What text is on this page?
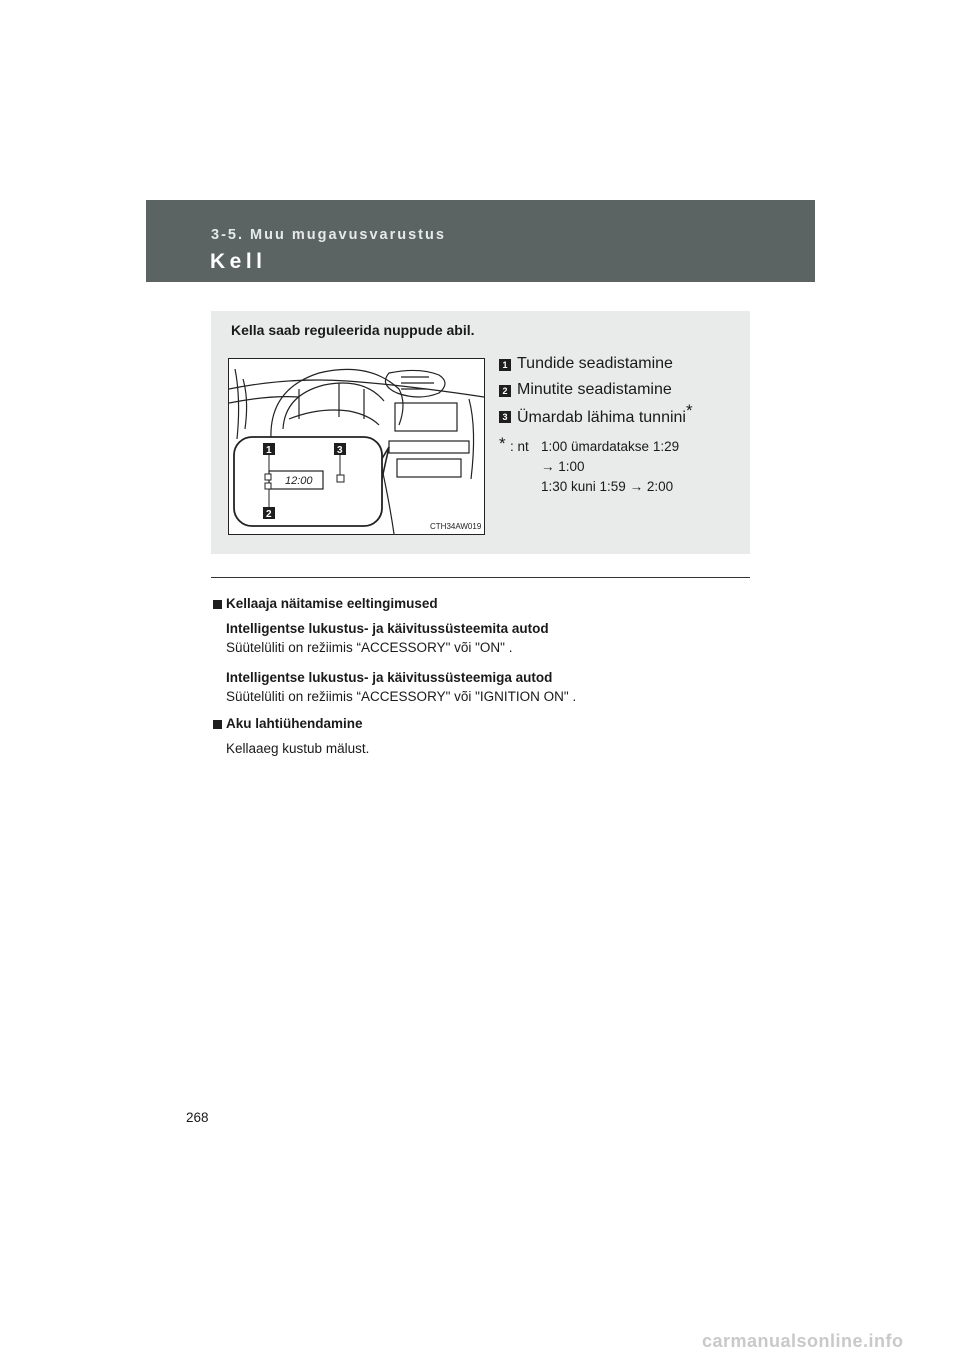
3-5. Muu mugavusvarustus
Kell
Kella saab reguleerida nuppude abil.
12:00
1	3
2
CTH34AW019
1 Tundide seadistamine
2 Minutite seadistamine
3 Ümardab lähima tunnini*
* : nt 1:00 ümardatakse 1:29
→ 1:00
1:30 kuni 1:59 → 2:00
Kellaaja näitamise eeltingimused
Intelligentse lukustus- ja käivitussüsteemita autod
Süütelüliti on režiimis “ACCESSORY" või "ON" .
Intelligentse lukustus- ja käivitussüsteemiga autod
Süütelüliti on režiimis “ACCESSORY" või "IGNITION ON" .
Aku lahtiühendamine
Kellaaeg kustub mälust.
268
carmanualsonline.info
